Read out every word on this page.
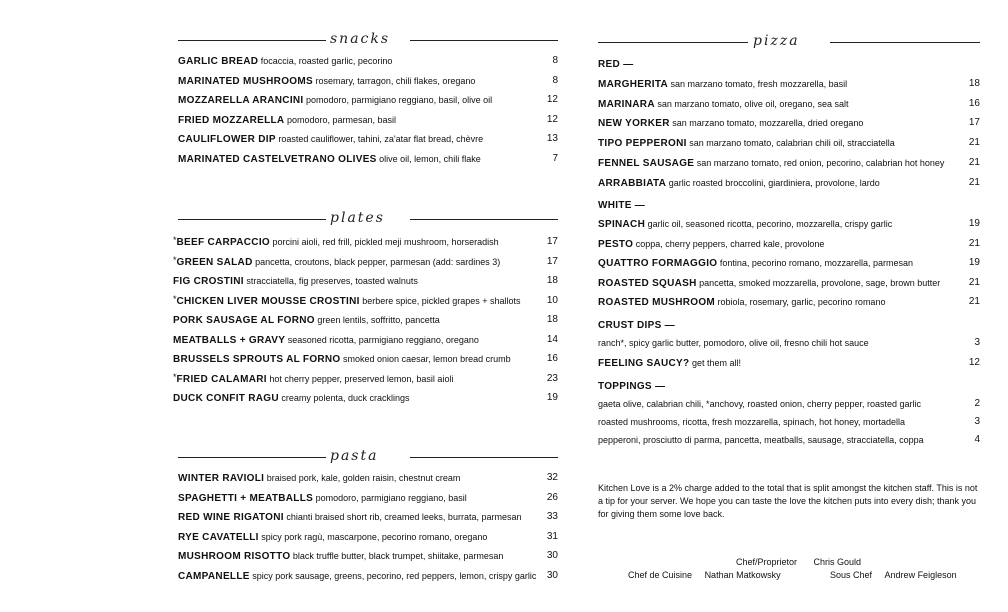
snacks
GARLIC BREAD focaccia, roasted garlic, pecorino	8
MARINATED MUSHROOMS rosemary, tarragon, chili flakes, oregano	8
MOZZARELLA ARANCINI pomodoro, parmigiano reggiano, basil, olive oil	12
FRIED MOZZARELLA pomodoro, parmesan, basil	12
CAULIFLOWER DIP roasted cauliflower, tahini, za'atar flat bread, chèvre	13
MARINATED CASTELVETRANO OLIVES olive oil, lemon, chili flake	7
plates
*BEEF CARPACCIO porcini aioli, red frill, pickled meji mushroom, horseradish	17
*GREEN SALAD pancetta, croutons, black pepper, parmesan (add: sardines 3)	17
FIG CROSTINI stracciatella, fig preserves, toasted walnuts	18
*CHICKEN LIVER MOUSSE CROSTINI berbere spice, pickled grapes + shallots	10
PORK SAUSAGE AL FORNO green lentils, soffritto, pancetta	18
MEATBALLS + GRAVY seasoned ricotta, parmigiano reggiano, oregano	14
BRUSSELS SPROUTS AL FORNO smoked onion caesar, lemon bread crumb	16
*FRIED CALAMARI hot cherry pepper, preserved lemon, basil aioli	23
DUCK CONFIT RAGU creamy polenta, duck cracklings	19
pasta
WINTER RAVIOLI braised pork, kale, golden raisin, chestnut cream	32
SPAGHETTI + MEATBALLS pomodoro, parmigiano reggiano, basil	26
RED WINE RIGATONI chianti braised short rib, creamed leeks, burrata, parmesan	33
RYE CAVATELLI spicy pork ragù, mascarpone, pecorino romano, oregano	31
MUSHROOM RISOTTO black truffle butter, black trumpet, shiitake, parmesan	30
CAMPANELLE spicy pork sausage, greens, pecorino, red peppers, lemon, crispy garlic	30
pizza
RED —
MARGHERITA san marzano tomato, fresh mozzarella, basil	18
MARINARA san marzano tomato, olive oil, oregano, sea salt	16
NEW YORKER san marzano tomato, mozzarella, dried oregano	17
TIPO PEPPERONI san marzano tomato, calabrian chili oil, stracciatella	21
FENNEL SAUSAGE san marzano tomato, red onion, pecorino, calabrian hot honey	21
ARRABBIATA garlic roasted broccolini, giardiniera, provolone, lardo	21
WHITE —
SPINACH garlic oil, seasoned ricotta, pecorino, mozzarella, crispy garlic	19
PESTO coppa, cherry peppers, charred kale, provolone	21
QUATTRO FORMAGGIO fontina, pecorino romano, mozzarella, parmesan	19
ROASTED SQUASH pancetta, smoked mozzarella, provolone, sage, brown butter	21
ROASTED MUSHROOM robiola, rosemary, garlic, pecorino romano	21
CRUST DIPS —
ranch*, spicy garlic butter, pomodoro, olive oil, fresno chili hot sauce	3
FEELING SAUCY? get them all!	12
TOPPINGS —
gaeta olive, calabrian chili, *anchovy, roasted onion, cherry pepper, roasted garlic	2
roasted mushrooms, ricotta, fresh mozzarella, spinach, hot honey, mortadella	3
pepperoni, prosciutto di parma, pancetta, meatballs, sausage, stracciatella, coppa	4
Kitchen Love is a 2% charge added to the total that is split amongst the kitchen staff. This is not a tip for your server. We hope you can taste the love the kitchen puts into every dish; thank you for giving them some love back.
Chef/Proprietor Chris Gould
Chef de Cuisine Nathan Matkowsky	Sous Chef Andrew Feigleson
